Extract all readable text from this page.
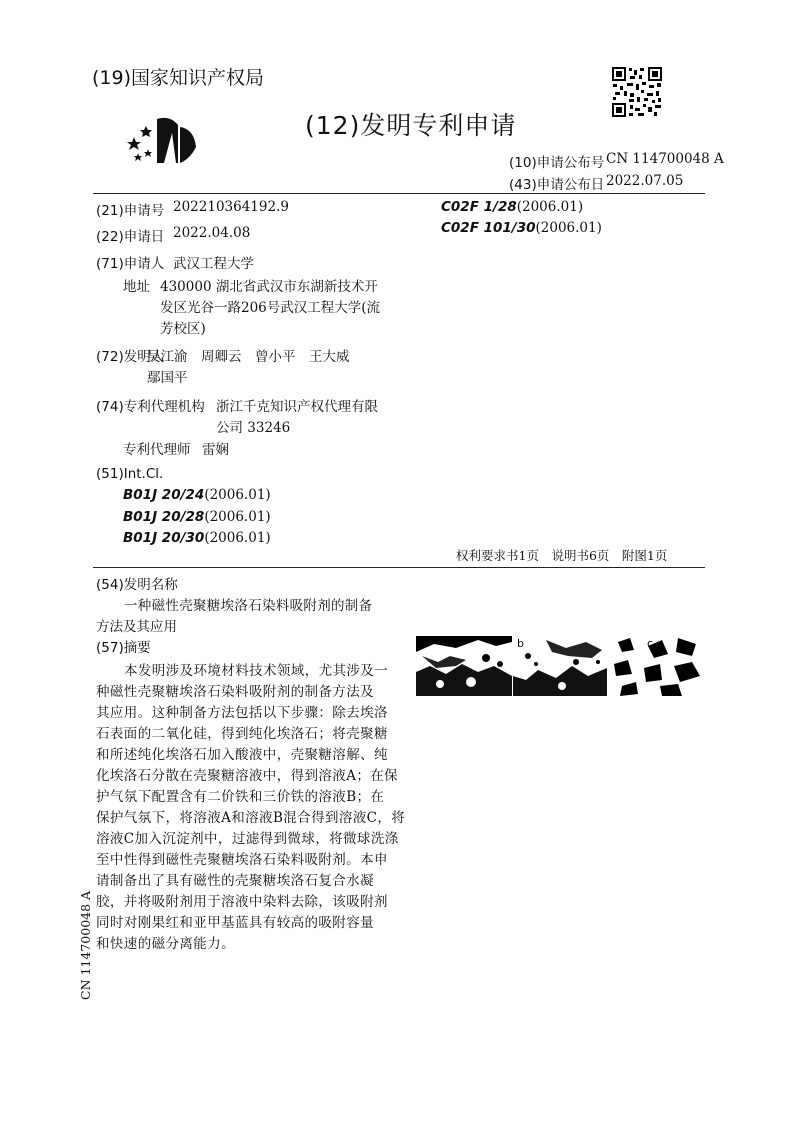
(19)国家知识产权局
(12)发明专利申请
(10)申请公布号 CN 114700048 A
(43)申请公布日 2022.07.05
(21)申请号 202210364192.9
(22)申请日 2022.04.08
(71)申请人 武汉工程大学
地址 430000 湖北省武汉市东湖新技术开
发区光谷一路206号武汉工程大学(流
芳校区)
(72)发明人
吴江渝　周卿云　曾小平　王大威
鄢国平
(74)专利代理机构 浙江千克知识产权代理有限
公司 33246
专利代理师 雷娴
(51)Int.Cl.
B01J 20/24(2006.01)
B01J 20/28(2006.01)
B01J 20/30(2006.01)
C02F 1/28(2006.01)
C02F 101/30(2006.01)
权利要求书1页　说明书6页　附图1页
(54)发明名称
一种磁性壳聚糖埃洛石染料吸附剂的制备
方法及其应用
(57)摘要
本发明涉及环境材料技术领域，尤其涉及一
种磁性壳聚糖埃洛石染料吸附剂的制备方法及
其应用。这种制备方法包括以下步骤：除去埃洛
石表面的二氧化硅，得到纯化埃洛石；将壳聚糖
和所述纯化埃洛石加入酸液中，壳聚糖溶解、纯
化埃洛石分散在壳聚糖溶液中，得到溶液A；在保
护气氛下配置含有二价铁和三价铁的溶液B；在
保护气氛下，将溶液A和溶液B混合得到溶液C，将
溶液C加入沉淀剂中，过滤得到微球，将微球洗涤
至中性得到磁性壳聚糖埃洛石染料吸附剂。本申
请制备出了具有磁性的壳聚糖埃洛石复合水凝
胶，并将吸附剂用于溶液中染料去除，该吸附剂
同时对刚果红和亚甲基蓝具有较高的吸附容量
和快速的磁分离能力。
b	c
CN 114700048 A
